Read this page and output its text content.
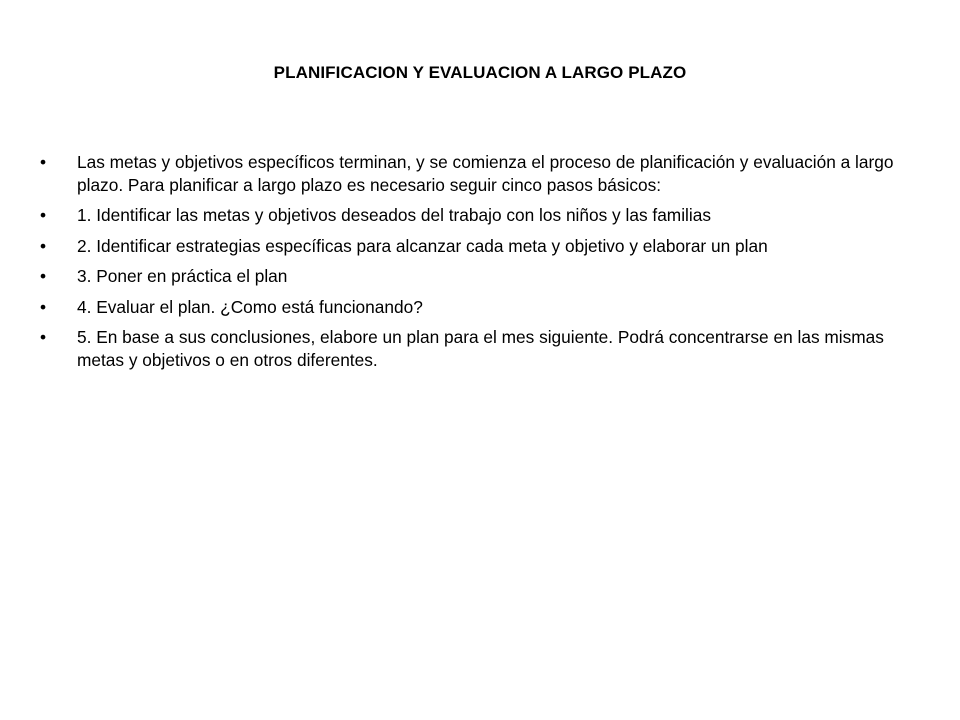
PLANIFICACION Y EVALUACION A LARGO PLAZO
•	Las metas y objetivos específicos terminan, y se comienza el proceso de planificación y evaluación a largo plazo. Para planificar a largo plazo es necesario seguir cinco pasos básicos:
•	1. Identificar las metas y objetivos deseados del trabajo con los niños y las familias
•	2. Identificar estrategias específicas para alcanzar cada meta y objetivo y elaborar un plan
•	3. Poner en práctica el plan
•	4. Evaluar el plan. ¿Como está funcionando?
•	5. En base a sus conclusiones, elabore un plan para el mes siguiente. Podrá concentrarse en las mismas metas y objetivos o en otros diferentes.
